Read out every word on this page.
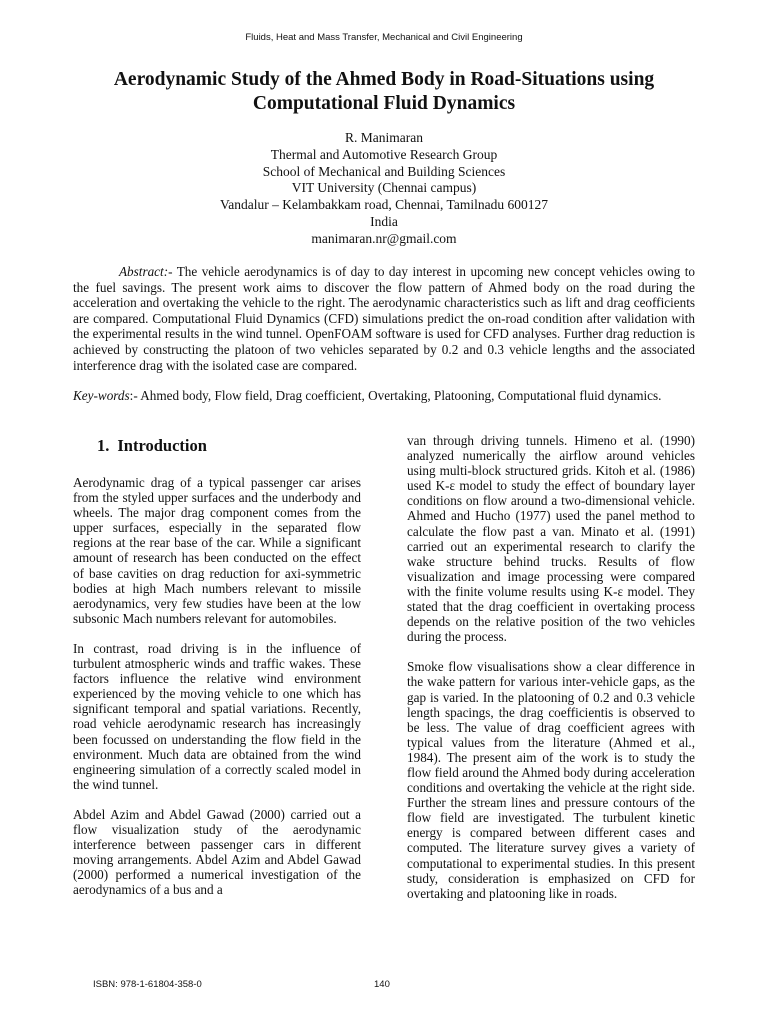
Fluids, Heat and Mass Transfer, Mechanical and Civil Engineering
Aerodynamic Study of the Ahmed Body in Road-Situations using Computational Fluid Dynamics
R. Manimaran
Thermal and Automotive Research Group
School of Mechanical and Building Sciences
VIT University (Chennai campus)
Vandalur – Kelambakkam road, Chennai, Tamilnadu 600127
India
manimaran.nr@gmail.com

Abstract:- The vehicle aerodynamics is of day to day interest in upcoming new concept vehicles owing to the fuel savings. The present work aims to discover the flow pattern of Ahmed body on the road during the acceleration and overtaking the vehicle to the right. The aerodynamic characteristics such as lift and drag ceofficients are compared. Computational Fluid Dynamics (CFD) simulations predict the on-road condition after validation with the experimental results in the wind tunnel. OpenFOAM software is used for CFD analyses. Further drag reduction is achieved by constructing the platoon of two vehicles separated by 0.2 and 0.3 vehicle lengths and the associated interference drag with the isolated case are compared.

Key-words:- Ahmed body, Flow field, Drag coefficient, Overtaking, Platooning, Computational fluid dynamics.

1. Introduction

Aerodynamic drag of a typical passenger car arises from the styled upper surfaces and the underbody and wheels. The major drag component comes from the upper surfaces, especially in the separated flow regions at the rear base of the car. While a significant amount of research has been conducted on the effect of base cavities on drag reduction for axi-symmetric bodies at high Mach numbers relevant to missile aerodynamics, very few studies have been at the low subsonic Mach numbers relevant for automobiles.

In contrast, road driving is in the influence of turbulent atmospheric winds and traffic wakes. These factors influence the relative wind environment experienced by the moving vehicle to one which has significant temporal and spatial variations. Recently, road vehicle aerodynamic research has increasingly been focussed on understanding the flow field in the environment. Much data are obtained from the wind engineering simulation of a correctly scaled model in the wind tunnel.

Abdel Azim and Abdel Gawad (2000) carried out a flow visualization study of the aerodynamic interference between passenger cars in different moving arrangements. Abdel Azim and Abdel Gawad (2000) performed a numerical investigation of the aerodynamics of a bus and a

van through driving tunnels. Himeno et al. (1990) analyzed numerically the airflow around vehicles using multi-block structured grids. Kitoh et al. (1986) used K-ε model to study the effect of boundary layer conditions on flow around a two-dimensional vehicle. Ahmed and Hucho (1977) used the panel method to calculate the flow past a van. Minato et al. (1991) carried out an experimental research to clarify the wake structure behind trucks. Results of flow visualization and image processing were compared with the finite volume results using K-ε model. They stated that the drag coefficient in overtaking process depends on the relative position of the two vehicles during the process.

Smoke flow visualisations show a clear difference in the wake pattern for various inter-vehicle gaps, as the gap is varied. In the platooning of 0.2 and 0.3 vehicle length spacings, the drag coefficientis is observed to be less. The value of drag coefficient agrees with typical values from the literature (Ahmed et al., 1984). The present aim of the work is to study the flow field around the Ahmed body during acceleration conditions and overtaking the vehicle at the right side. Further the stream lines and pressure contours of the flow field are investigated. The turbulent kinetic energy is compared between different cases and computed. The literature survey gives a variety of computational to experimental studies. In this present study, consideration is emphasized on CFD for overtaking and platooning like in roads.

ISBN: 978-1-61804-358-0	140
